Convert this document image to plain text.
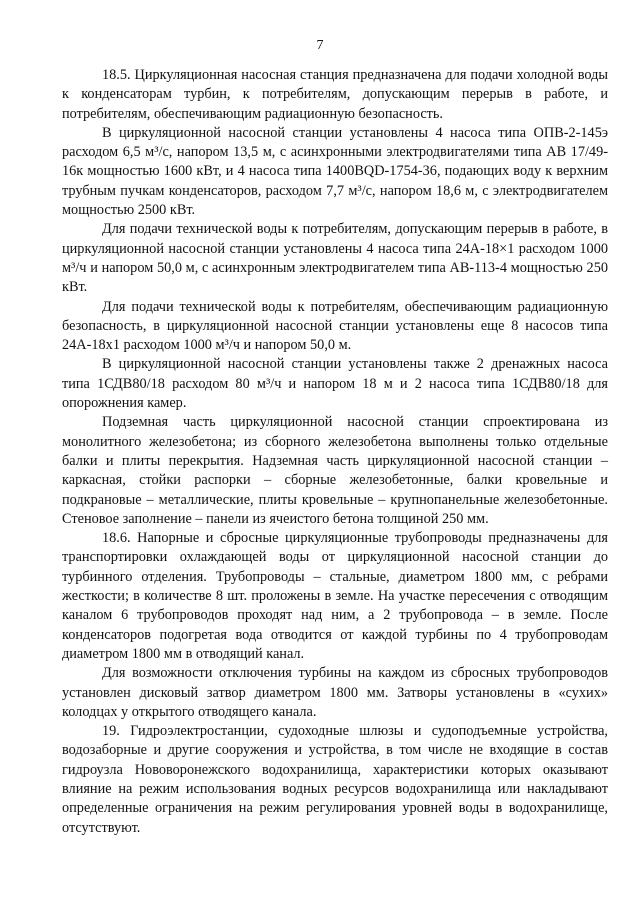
7

18.5. Циркуляционная насосная станция предназначена для подачи холодной воды к конденсаторам турбин, к потребителям, допускающим перерыв в работе, и потребителям, обеспечивающим радиационную безопасность.

В циркуляционной насосной станции установлены 4 насоса типа ОПВ-2-145э расходом 6,5 м³/с, напором 13,5 м, с асинхронными электродвигателями типа АВ 17/49-16к мощностью 1600 кВт, и 4 насоса типа 1400BQD-1754-36, подающих воду к верхним трубным пучкам конденсаторов, расходом 7,7 м³/с, напором 18,6 м, с электродвигателем мощностью 2500 кВт.

Для подачи технической воды к потребителям, допускающим перерыв в работе, в циркуляционной насосной станции установлены 4 насоса типа 24А-18×1 расходом 1000 м³/ч и напором 50,0 м, с асинхронным электродвигателем типа АВ-113-4 мощностью 250 кВт.

Для подачи технической воды к потребителям, обеспечивающим радиационную безопасность, в циркуляционной насосной станции установлены еще 8 насосов типа 24А-18х1 расходом 1000 м³/ч и напором 50,0 м.

В циркуляционной насосной станции установлены также 2 дренажных насоса типа 1СДВ80/18 расходом 80 м³/ч и напором 18 м и 2 насоса типа 1СДВ80/18 для опорожнения камер.

Подземная часть циркуляционной насосной станции спроектирована из монолитного железобетона; из сборного железобетона выполнены только отдельные балки и плиты перекрытия. Надземная часть циркуляционной насосной станции – каркасная, стойки распорки – сборные железобетонные, балки кровельные и подкрановые – металлические, плиты кровельные – крупнопанельные железобетонные. Стеновое заполнение – панели из ячеистого бетона толщиной 250 мм.

18.6. Напорные и сбросные циркуляционные трубопроводы предназначены для транспортировки охлаждающей воды от циркуляционной насосной станции до турбинного отделения. Трубопроводы – стальные, диаметром 1800 мм, с ребрами жесткости; в количестве 8 шт. проложены в земле. На участке пересечения с отводящим каналом 6 трубопроводов проходят над ним, а 2 трубопровода – в земле. После конденсаторов подогретая вода отводится от каждой турбины по 4 трубопроводам диаметром 1800 мм в отводящий канал.

Для возможности отключения турбины на каждом из сбросных трубопроводов установлен дисковый затвор диаметром 1800 мм. Затворы установлены в «сухих» колодцах у открытого отводящего канала.

19. Гидроэлектростанции, судоходные шлюзы и судоподъемные устройства, водозаборные и другие сооружения и устройства, в том числе не входящие в состав гидроузла Нововоронежского водохранилища, характеристики которых оказывают влияние на режим использования водных ресурсов водохранилища или накладывают определенные ограничения на режим регулирования уровней воды в водохранилище, отсутствуют.
